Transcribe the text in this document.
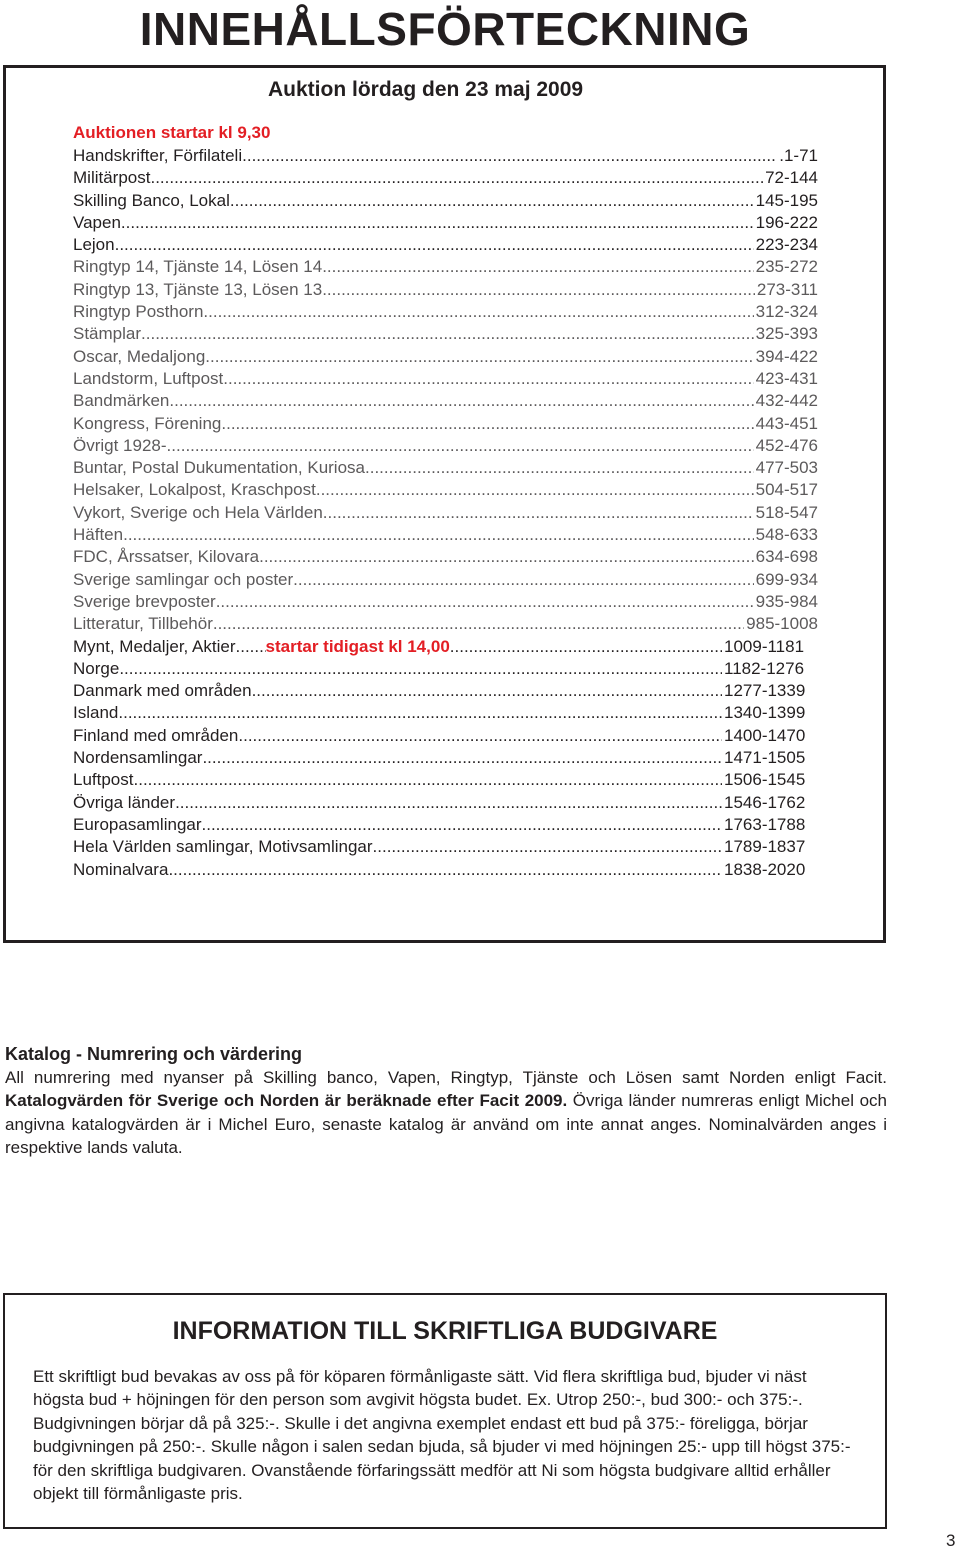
INNEHÅLLSFÖRTECKNING
Auktion lördag den 23 maj 2009
Auktionen startar kl 9,30
Handskrifter, Förfilateli .....	.1-71
Militärpost .....	72-144
Skilling Banco, Lokal .....	145-195
Vapen .....	196-222
Lejon .....	223-234
Ringtyp 14, Tjänste 14, Lösen 14 .....	235-272
Ringtyp 13, Tjänste 13, Lösen 13 .....	273-311
Ringtyp Posthorn .....	312-324
Stämplar .....	325-393
Oscar, Medaljong .....	394-422
Landstorm, Luftpost .....	423-431
Bandmärken .....	432-442
Kongress, Förening .....	443-451
Övrigt 1928- .....	452-476
Buntar, Postal Dukumentation, Kuriosa .....	477-503
Helsaker, Lokalpost, Kraschpost .....	504-517
Vykort, Sverige och Hela Världen .....	518-547
Häften .....	548-633
FDC, Årssatser, Kilovara .....	634-698
Sverige samlingar och poster .....	699-934
Sverige brevposter .....	935-984
Litteratur, Tillbehör .....	985-1008
Mynt, Medaljer, Aktier ..... startar tidigast kl 14,00 .....	1009-1181
Norge .....	1182-1276
Danmark med områden .....	1277-1339
Island .....	1340-1399
Finland med områden .....	1400-1470
Nordensamlingar .....	1471-1505
Luftpost .....	1506-1545
Övriga länder .....	1546-1762
Europasamlingar .....	1763-1788
Hela Världen samlingar, Motivsamlingar .....	1789-1837
Nominalvara .....	1838-2020

Katalog - Numrering och värdering

All numrering med nyanser på Skilling banco, Vapen, Ringtyp, Tjänste och Lösen samt Norden enligt Facit. Katalogvärden för Sverige och Norden är beräknade efter Facit 2009. Övriga länder numreras enligt Michel och angivna katalogvärden är i Michel Euro, senaste katalog är använd om inte annat anges. Nominalvärden anges i respektive lands valuta.

INFORMATION TILL SKRIFTLIGA BUDGIVARE

Ett skriftligt bud bevakas av oss på för köparen förmånligaste sätt. Vid flera skriftliga bud, bjuder vi näst högsta bud + höjningen för den person som avgivit högsta budet. Ex. Utrop 250:-, bud 300:- och 375:-. Budgivningen börjar då på 325:-. Skulle i det angivna exemplet endast ett bud på 375:- föreligga, börjar budgivningen på 250:-. Skulle någon i salen sedan bjuda, så bjuder vi med höjningen 25:- upp till högst 375:- för den skriftliga budgivaren. Ovanstående förfaringssätt medför att Ni som högsta budgivare alltid erhåller objekt till förmånligaste pris.

3
